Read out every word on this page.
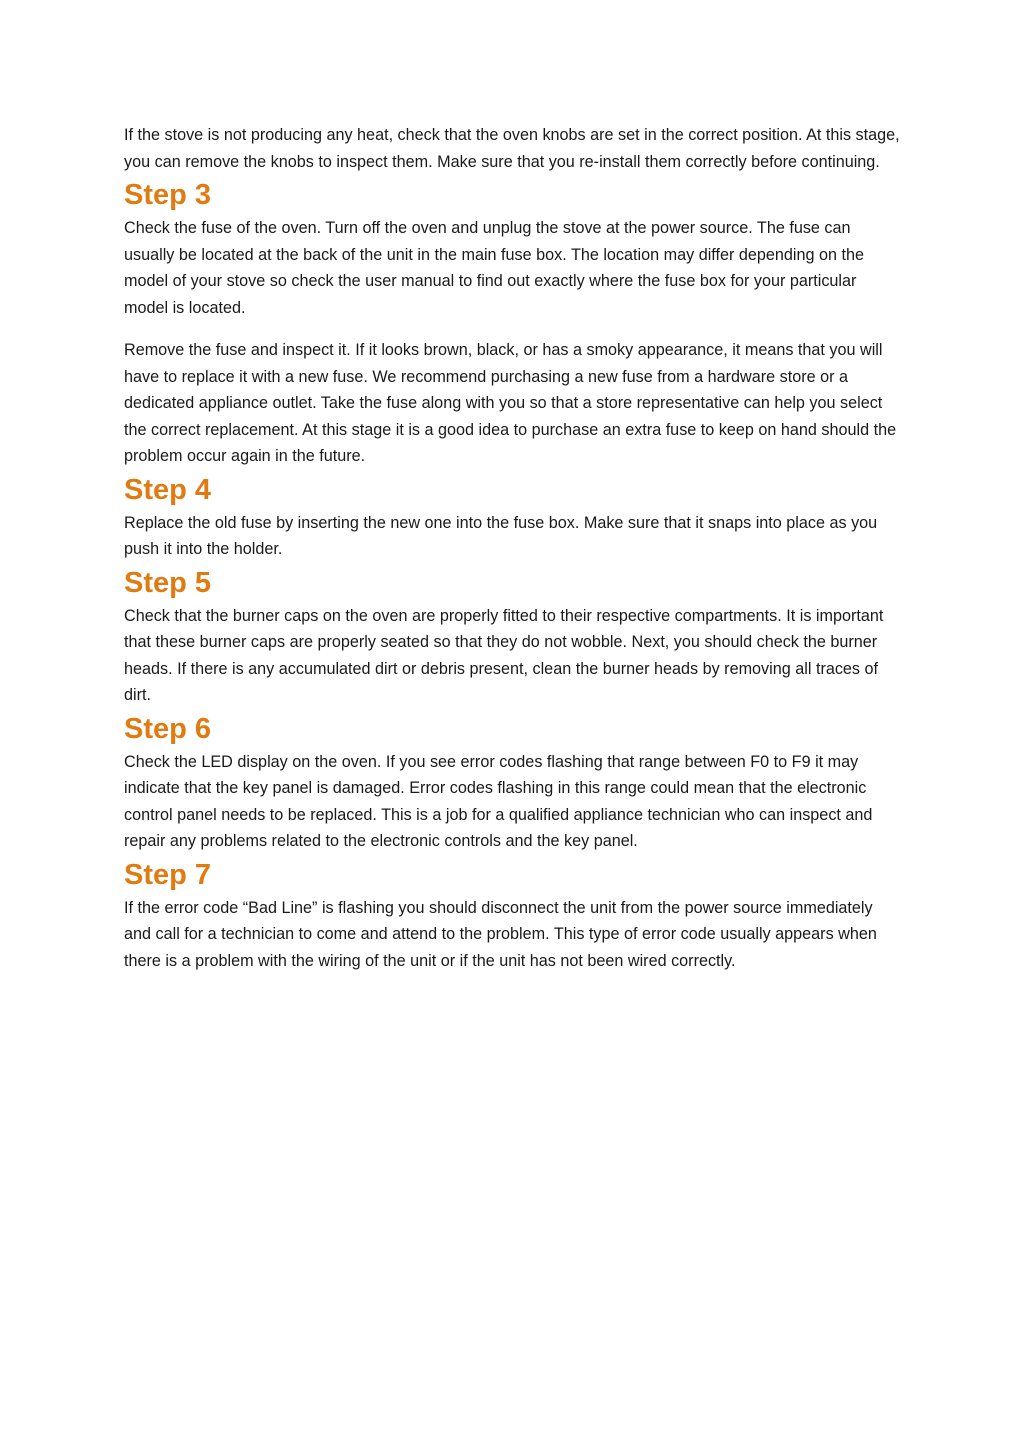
If the stove is not producing any heat, check that the oven knobs are set in the correct position. At this stage, you can remove the knobs to inspect them. Make sure that you re-install them correctly before continuing.

Step 3

Check the fuse of the oven. Turn off the oven and unplug the stove at the power source. The fuse can usually be located at the back of the unit in the main fuse box. The location may differ depending on the model of your stove so check the user manual to find out exactly where the fuse box for your particular model is located.

Remove the fuse and inspect it. If it looks brown, black, or has a smoky appearance, it means that you will have to replace it with a new fuse. We recommend purchasing a new fuse from a hardware store or a dedicated appliance outlet. Take the fuse along with you so that a store representative can help you select the correct replacement. At this stage it is a good idea to purchase an extra fuse to keep on hand should the problem occur again in the future.

Step 4

Replace the old fuse by inserting the new one into the fuse box. Make sure that it snaps into place as you push it into the holder.

Step 5

Check that the burner caps on the oven are properly fitted to their respective compartments. It is important that these burner caps are properly seated so that they do not wobble. Next, you should check the burner heads. If there is any accumulated dirt or debris present, clean the burner heads by removing all traces of dirt.

Step 6

Check the LED display on the oven. If you see error codes flashing that range between F0 to F9 it may indicate that the key panel is damaged. Error codes flashing in this range could mean that the electronic control panel needs to be replaced. This is a job for a qualified appliance technician who can inspect and repair any problems related to the electronic controls and the key panel.

Step 7

If the error code “Bad Line” is flashing you should disconnect the unit from the power source immediately and call for a technician to come and attend to the problem. This type of error code usually appears when there is a problem with the wiring of the unit or if the unit has not been wired correctly.
